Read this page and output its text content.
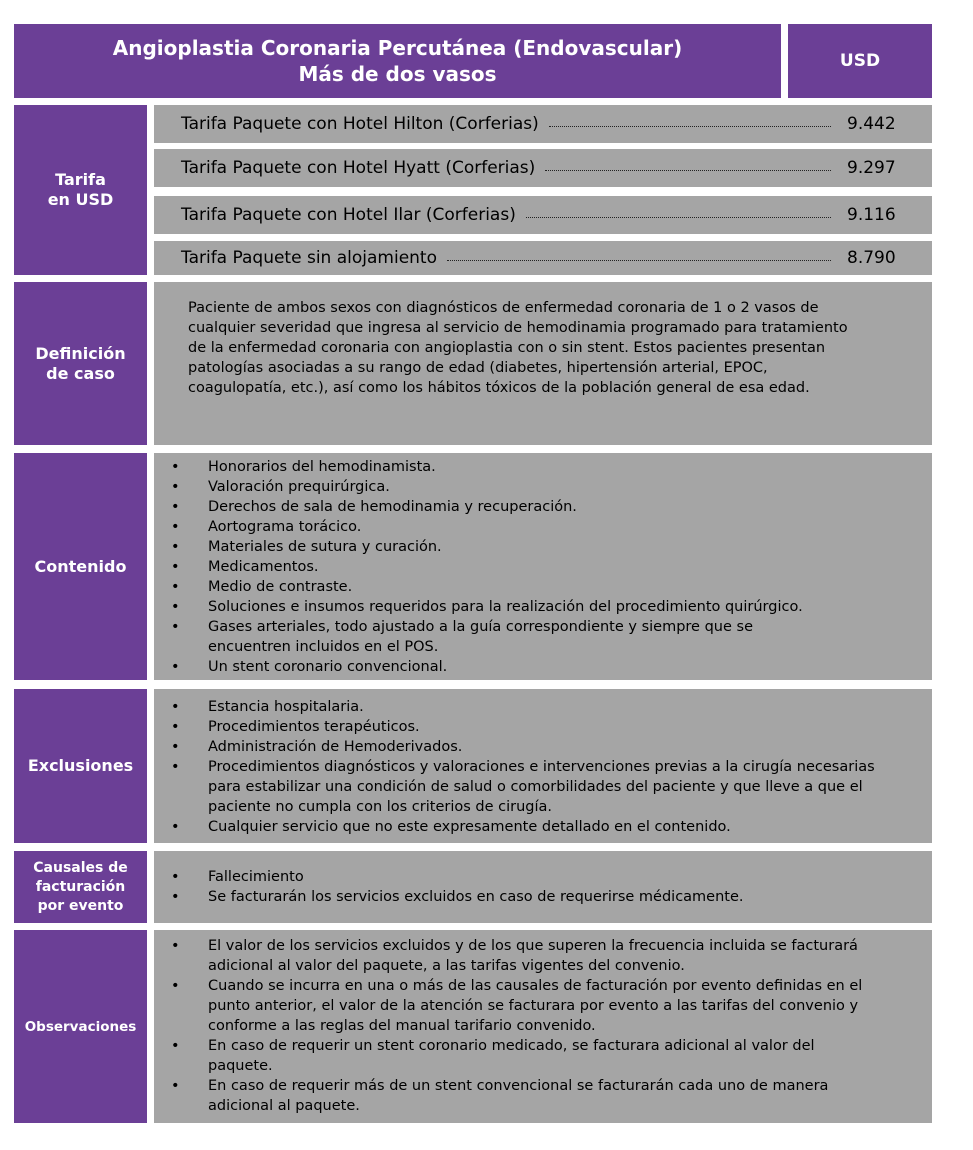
Angioplastia Coronaria Percutánea (Endovascular)
Más de dos vasos
USD
Tarifa
en USD
Tarifa Paquete con Hotel Hilton (Corferias)	9.442
Tarifa Paquete con Hotel Hyatt (Corferias)	9.297
Tarifa Paquete con Hotel Ilar (Corferias)	9.116
Tarifa Paquete sin alojamiento	8.790
Definición
de caso
Paciente de ambos sexos con diagnósticos de enfermedad coronaria de 1 o 2 vasos de cualquier severidad que ingresa al servicio de hemodinamia programado para tratamiento de la enfermedad coronaria con angioplastia con o sin stent. Estos pacientes presentan patologías asociadas a su rango de edad (diabetes, hipertensión arterial, EPOC, coagulopatía, etc.), así como los hábitos tóxicos de la población general de esa edad.
Contenido
• Honorarios del hemodinamista.
• Valoración prequirúrgica.
• Derechos de sala de hemodinamia y recuperación.
• Aortograma torácico.
• Materiales de sutura y curación.
• Medicamentos.
• Medio de contraste.
• Soluciones e insumos requeridos para la realización del procedimiento quirúrgico.
• Gases arteriales, todo ajustado a la guía correspondiente y siempre que se encuentren incluidos en el POS.
• Un stent coronario convencional.
Exclusiones
• Estancia hospitalaria.
• Procedimientos terapéuticos.
• Administración de Hemoderivados.
• Procedimientos diagnósticos y valoraciones e intervenciones previas a la cirugía necesarias para estabilizar una condición de salud o comorbilidades del paciente y que lleve a que el paciente no cumpla con los criterios de cirugía.
• Cualquier servicio que no este expresamente detallado en el contenido.
Causales de
facturación
por evento
• Fallecimiento
• Se facturarán los servicios excluidos en caso de requerirse médicamente.
Observaciones
• El valor de los servicios excluidos y de los que superen la frecuencia incluida se facturará adicional al valor del paquete, a las tarifas vigentes del convenio.
• Cuando se incurra en una o más de las causales de facturación por evento definidas en el punto anterior, el valor de la atención se facturara por evento a las tarifas del convenio y conforme a las reglas del manual tarifario convenido.
• En caso de requerir un stent coronario medicado, se facturara adicional al valor del paquete.
• En caso de requerir más de un stent convencional se facturarán cada uno de manera adicional al paquete.
